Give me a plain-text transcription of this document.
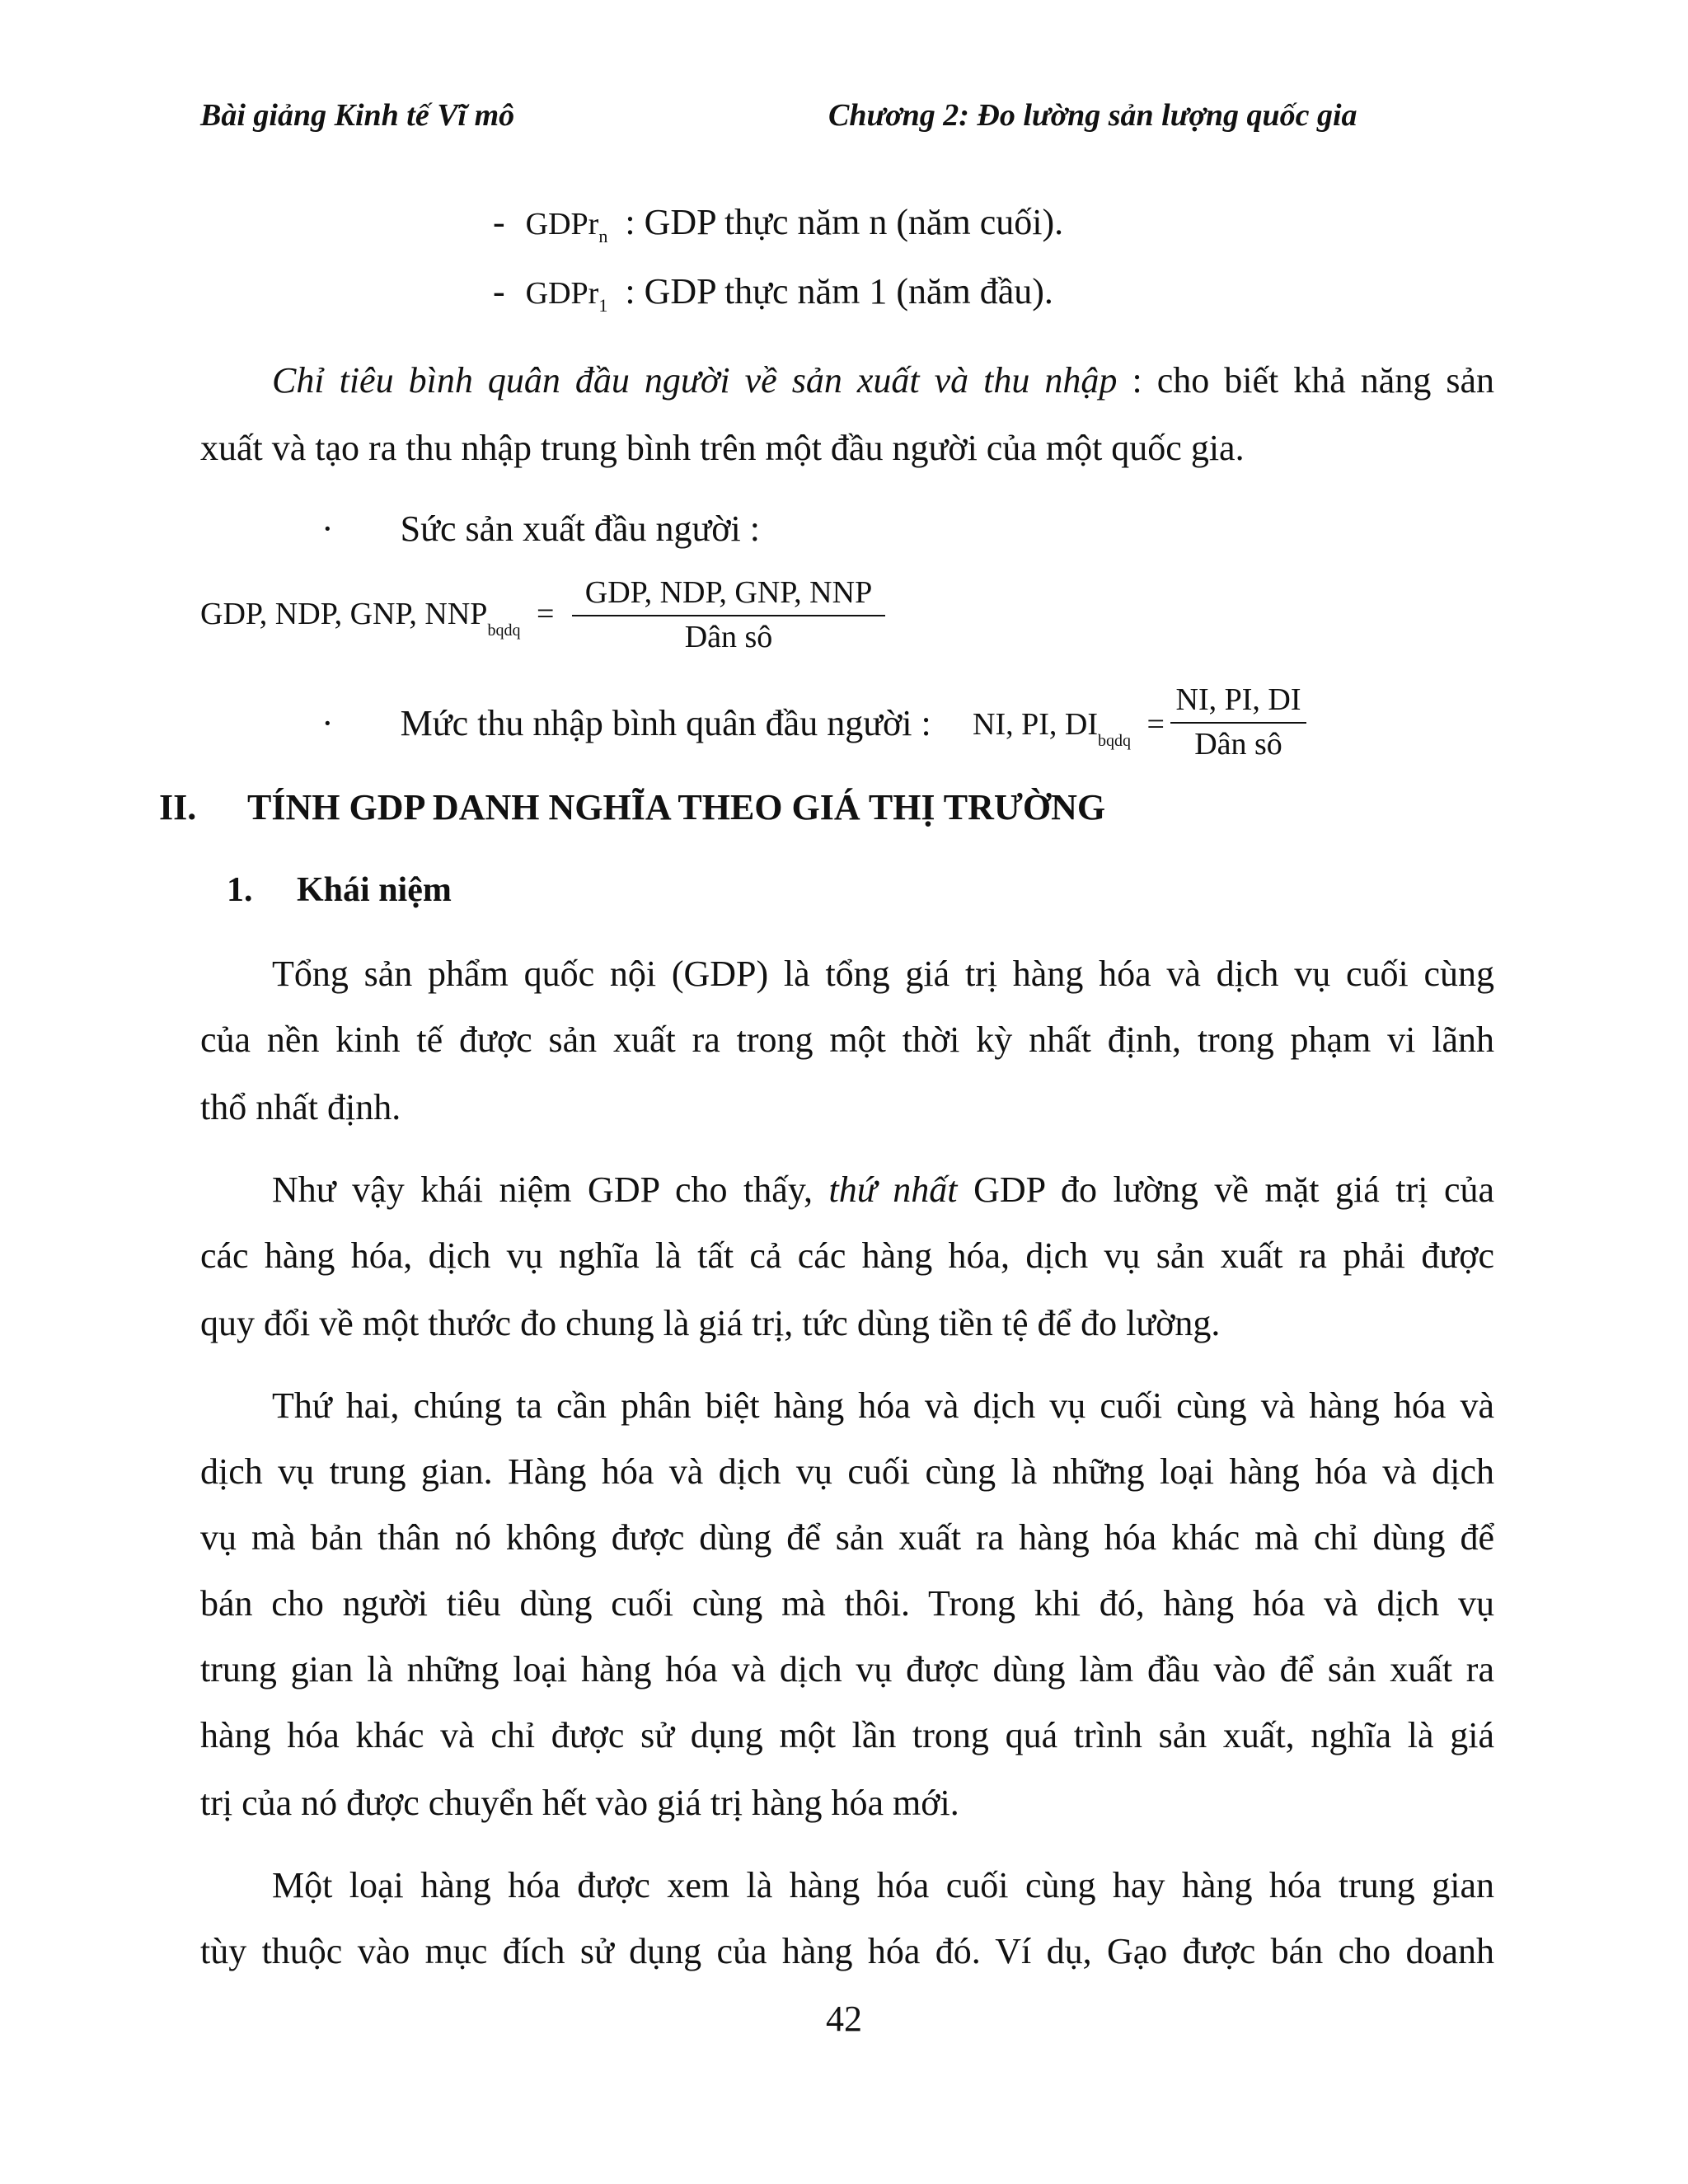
Bài giảng Kinh tế Vĩ mô	Chương 2: Đo lường sản lượng quốc gia
- GDPr$_n$ : GDP thực năm n (năm cuối).
- GDPr$_1$ : GDP thực năm 1 (năm đầu).
Chỉ tiêu bình quân đầu người về sản xuất và thu nhập : cho biết khả năng sản
xuất và tạo ra thu nhập trung bình trên một đầu người của một quốc gia.
· Sức sản xuất đầu người :
GDP, NDP, GNP, $NNP_{bqdq}$ =
GDP, NDP, GNP, NNP
Dân sô
· Mức thu nhập bình quân đầu người : NI, PI, $DI_{bqdq}$ =
NI, PI, DI
Dân sô
II. TÍNH GDP DANH NGHĨA THEO GIÁ THỊ TRƯỜNG
1. Khái niệm
Tổng sản phẩm quốc nội (GDP) là tổng giá trị hàng hóa và dịch vụ cuối cùng
của nền kinh tế được sản xuất ra trong một thời kỳ nhất định, trong phạm vi lãnh
thổ nhất định.
Như vậy khái niệm GDP cho thấy, thứ nhất GDP đo lường về mặt giá trị của
các hàng hóa, dịch vụ nghĩa là tất cả các hàng hóa, dịch vụ sản xuất ra phải được
quy đổi về một thước đo chung là giá trị, tức dùng tiền tệ để đo lường.
Thứ hai, chúng ta cần phân biệt hàng hóa và dịch vụ cuối cùng và hàng hóa và
dịch vụ trung gian. Hàng hóa và dịch vụ cuối cùng là những loại hàng hóa và dịch
vụ mà bản thân nó không được dùng để sản xuất ra hàng hóa khác mà chỉ dùng để
bán cho người tiêu dùng cuối cùng mà thôi. Trong khi đó, hàng hóa và dịch vụ
trung gian là những loại hàng hóa và dịch vụ được dùng làm đầu vào để sản xuất ra
hàng hóa khác và chỉ được sử dụng một lần trong quá trình sản xuất, nghĩa là giá
trị của nó được chuyển hết vào giá trị hàng hóa mới.
Một loại hàng hóa được xem là hàng hóa cuối cùng hay hàng hóa trung gian
tùy thuộc vào mục đích sử dụng của hàng hóa đó. Ví dụ, Gạo được bán cho doanh
42
